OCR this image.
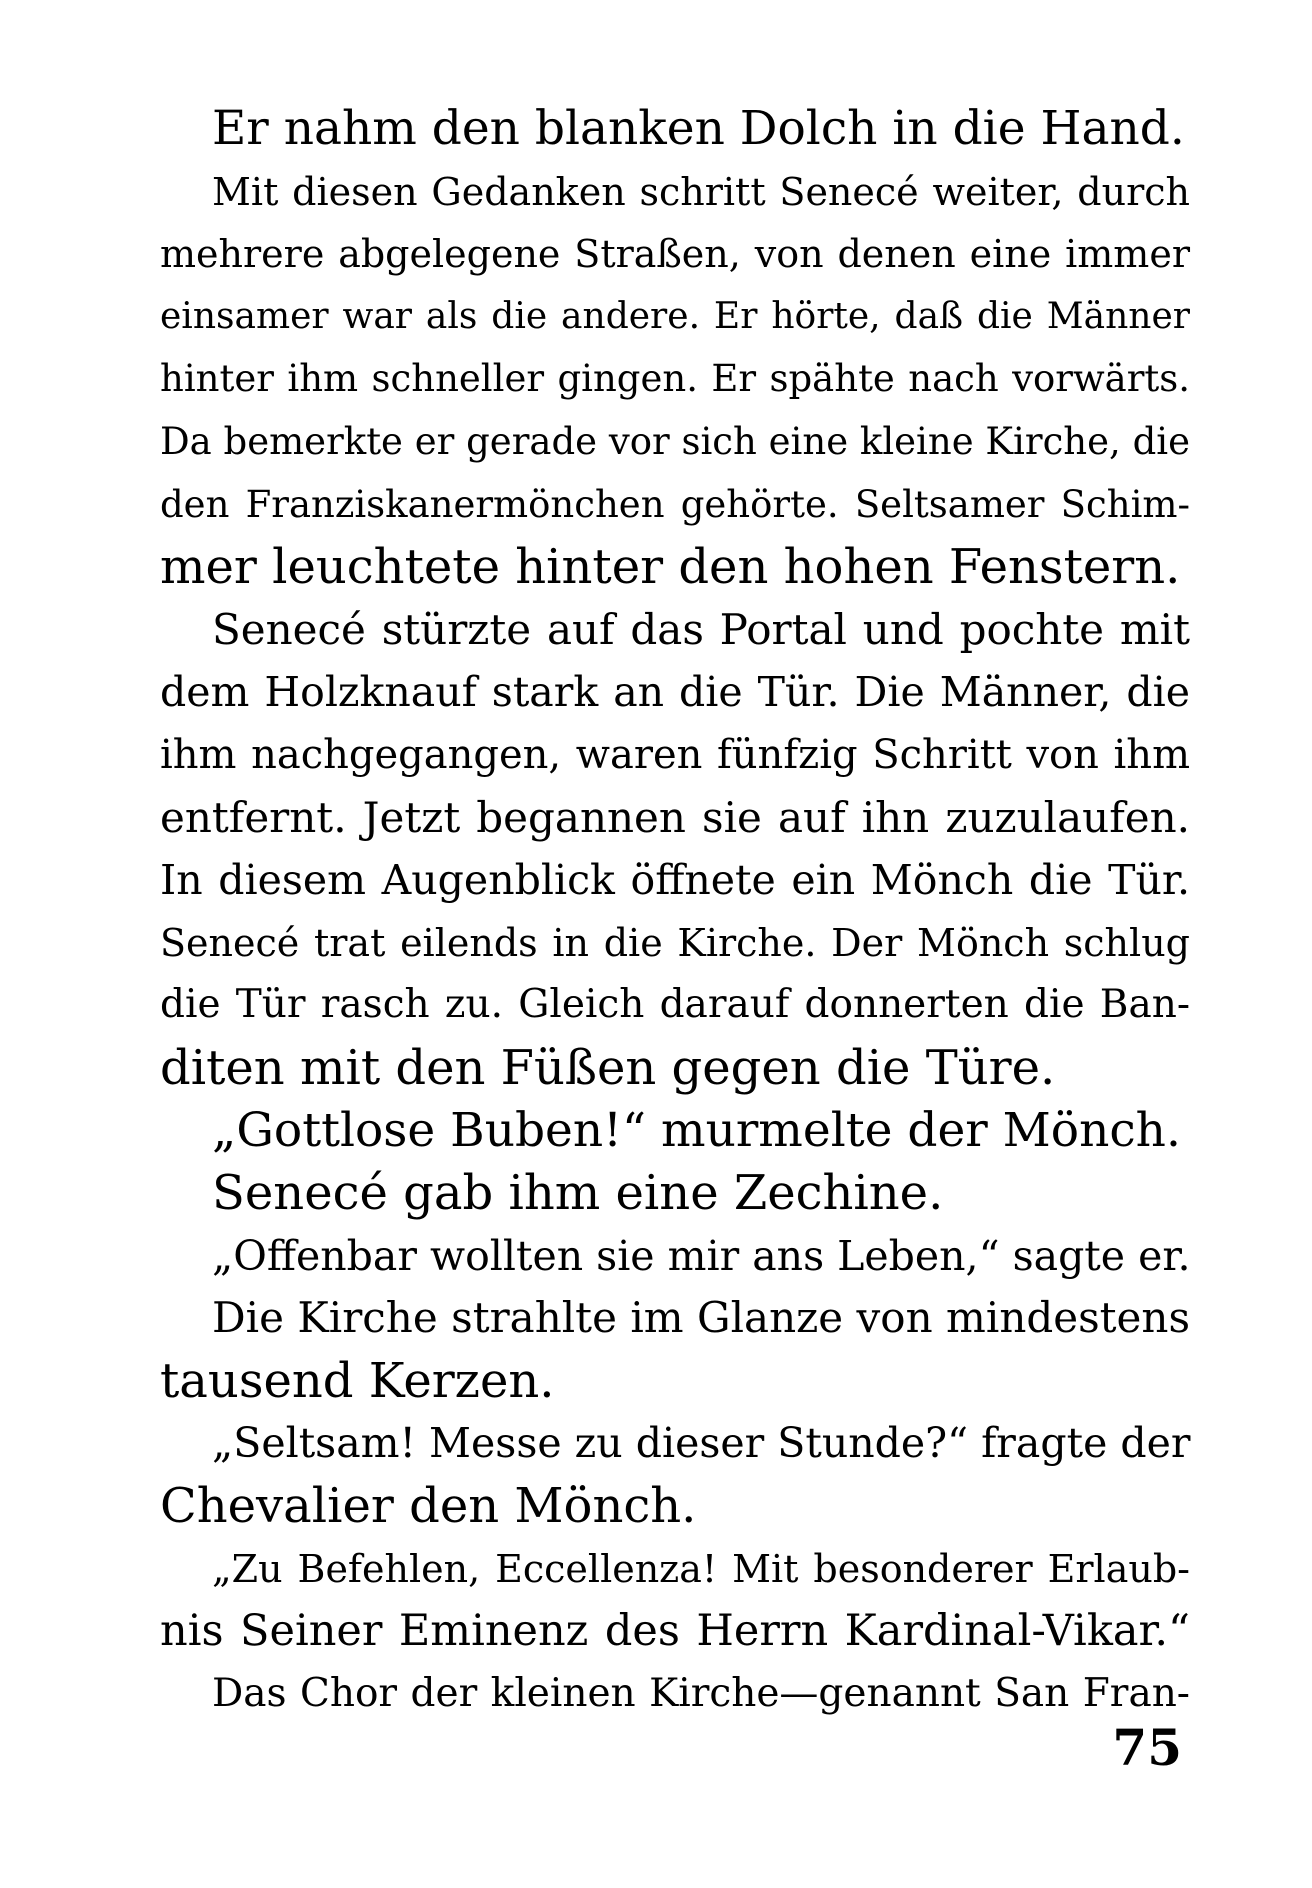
Er nahm den blanken Dolch in die Hand.
Mit diesen Gedanken schritt Senecé weiter, durch
mehrere abgelegene Straßen, von denen eine immer
einsamer war als die andere. Er hörte, daß die Männer
hinter ihm schneller gingen. Er spähte nach vorwärts.
Da bemerkte er gerade vor sich eine kleine Kirche, die
den Franziskanermönchen gehörte. Seltsamer Schim-
mer leuchtete hinter den hohen Fenstern.
Senecé stürzte auf das Portal und pochte mit
dem Holzknauf stark an die Tür. Die Männer, die
ihm nachgegangen, waren fünfzig Schritt von ihm
entfernt. Jetzt begannen sie auf ihn zuzulaufen.
In diesem Augenblick öffnete ein Mönch die Tür.
Senecé trat eilends in die Kirche. Der Mönch schlug
die Tür rasch zu. Gleich darauf donnerten die Ban-
diten mit den Füßen gegen die Türe.
„Gottlose Buben!“ murmelte der Mönch.
Senecé gab ihm eine Zechine.
„Offenbar wollten sie mir ans Leben,“ sagte er.
Die Kirche strahlte im Glanze von mindestens
tausend Kerzen.
„Seltsam! Messe zu dieser Stunde?“ fragte der
Chevalier den Mönch.
„Zu Befehlen, Eccellenza! Mit besonderer Erlaub-
nis Seiner Eminenz des Herrn Kardinal-Vikar.“
Das Chor der kleinen Kirche—genannt San Fran-
75
